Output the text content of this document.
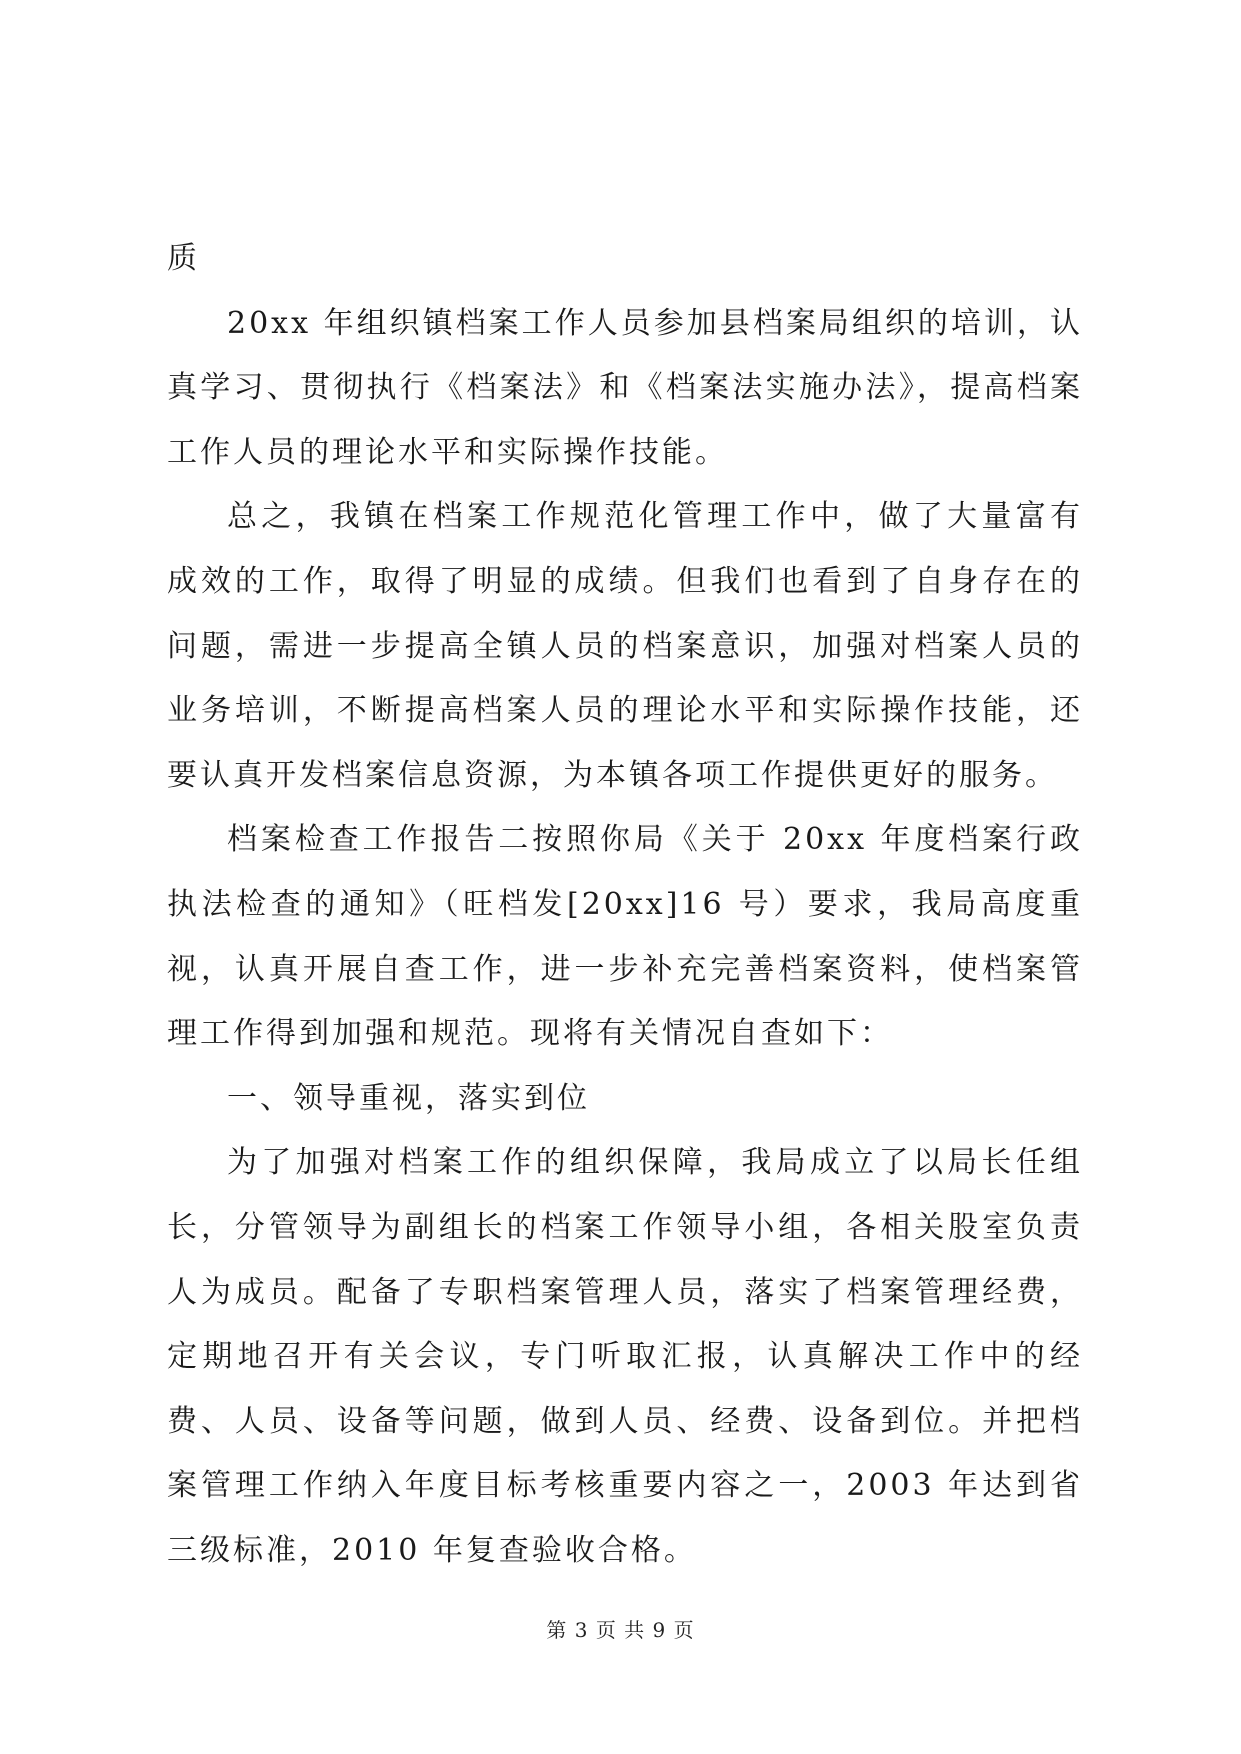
质

20xx 年组织镇档案工作人员参加县档案局组织的培训，认真学习、贯彻执行《档案法》和《档案法实施办法》，提高档案工作人员的理论水平和实际操作技能。

总之，我镇在档案工作规范化管理工作中，做了大量富有成效的工作，取得了明显的成绩。但我们也看到了自身存在的问题，需进一步提高全镇人员的档案意识，加强对档案人员的业务培训，不断提高档案人员的理论水平和实际操作技能，还要认真开发档案信息资源，为本镇各项工作提供更好的服务。

档案检查工作报告二按照你局《关于 20xx 年度档案行政执法检查的通知》（旺档发[20xx]16 号）要求，我局高度重视，认真开展自查工作，进一步补充完善档案资料，使档案管理工作得到加强和规范。现将有关情况自查如下：

一、领导重视，落实到位

为了加强对档案工作的组织保障，我局成立了以局长任组长，分管领导为副组长的档案工作领导小组，各相关股室负责人为成员。配备了专职档案管理人员，落实了档案管理经费，定期地召开有关会议，专门听取汇报，认真解决工作中的经费、人员、设备等问题，做到人员、经费、设备到位。并把档案管理工作纳入年度目标考核重要内容之一，2003 年达到省三级标准，2010 年复查验收合格。

第 3 页 共 9 页
